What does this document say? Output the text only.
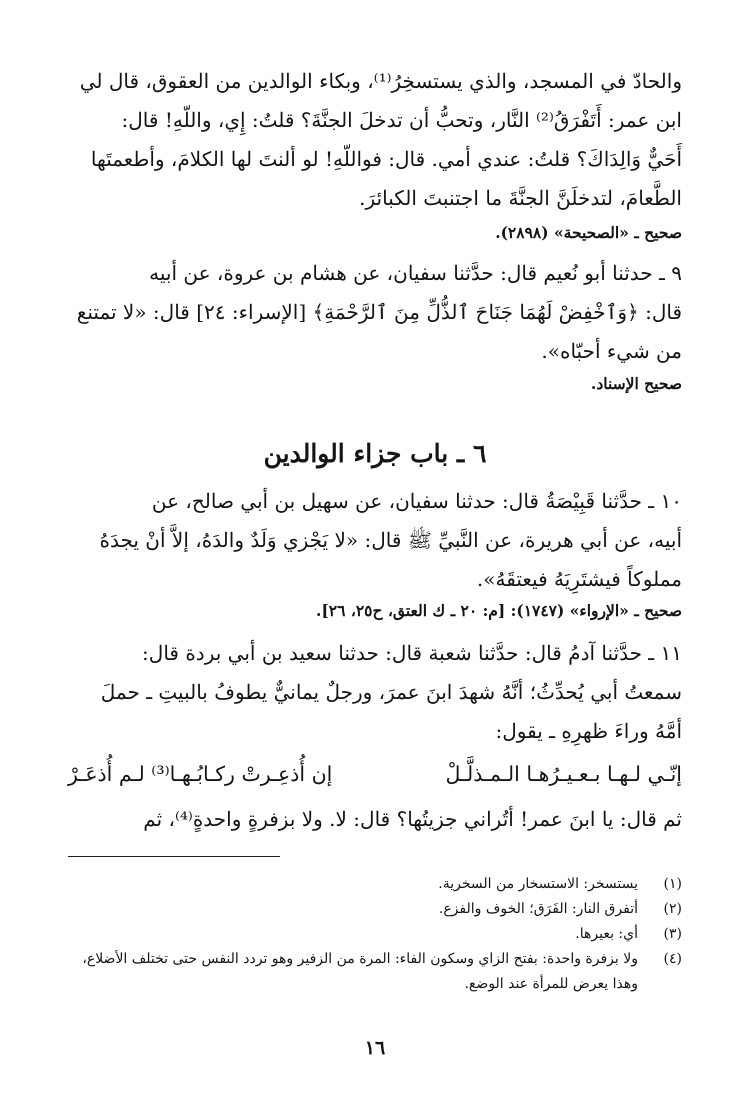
والحادّ في المسجد، والذي يستسخِرُ⁽¹⁾، وبكاء الوالدين من العقوق، قال لي

ابن عمر: أَتَفْرَقُ⁽²⁾ النَّار، وتحبُّ أن تدخلَ الجنَّةَ؟ قلتُ: إِي، واللّهِ! قال:

أَحَيٌّ وَالِدَاكَ؟ قلتُ: عندي أمي. قال: فواللّهِ! لو ألنتَ لها الكلامَ، وأطعمتَها

الطَّعامَ، لتدخلَنَّ الجنَّةَ ما اجتنبتَ الكبائرَ.

صحيح ـ «الصحيحة» (٢٨٩٨).

٩ ـ حدثنا أبو نُعيم قال: حدَّثنا سفيان، عن هشام بن عروة، عن أبيه

قال: ﴿وَٱخْفِضْ لَهُمَا جَنَاحَ ٱلذُّلِّ مِنَ ٱلرَّحْمَةِ﴾ [الإسراء: ٢٤] قال: «لا تمتنع

من شيء أحبّاه».

صحيح الإسناد.
٦ ـ باب جزاء الوالدين

١٠ ـ حدَّثنا قَبِيْصَةُ قال: حدثنا سفيان، عن سهيل بن أبي صالح، عن

أبيه، عن أبي هريرة، عن النَّبيِّ ﷺ قال: «لا يَجْزي وَلَدٌ والدَهُ، إلاَّ أنْ يجدَهُ

مملوكاً فيشتَرِيَهُ فيعتقَهُ».

صحيح ـ «الإرواء» (١٧٤٧): [م: ٢٠ ـ ك العتق، ح٢٥، ٢٦].

١١ ـ حدَّثنا آدمُ قال: حدَّثنا شعبة قال: حدثنا سعيد بن أبي بردة قال:

سمعتُ أبي يُحدِّثُ؛ أنَّهُ شهدَ ابنَ عمرَ، ورجلٌ يمانيٌّ يطوفُ بالبيتِ ـ حملَ

أمَّهُ وراءَ ظهرِهِ ـ يقول:

إنّـي لـهـا بـعـيـرُهـا الـمـذلَّـلْ
إن أُذعِـرتْ ركـابُـهـا⁽³⁾ لـم أُذعَـرْ

ثم قال: يا ابنَ عمر! أتُراني جزيتُها؟ قال: لا. ولا بزفرةٍ واحدةٍ⁽⁴⁾، ثم

(١)
يستسخر: الاستسخار من السخرية.
(٢)
أتفرق النار: الفَرَق؛ الخوف والفزع.
(٣)
أي: بعيرها.
(٤)
ولا بزفرة واحدة: بفتح الزاي وسكون الفاء: المرة من الزفير وهو تردد النفس حتى تختلف الأضلاع، وهذا يعرض للمرأة عند الوضع.
١٦
